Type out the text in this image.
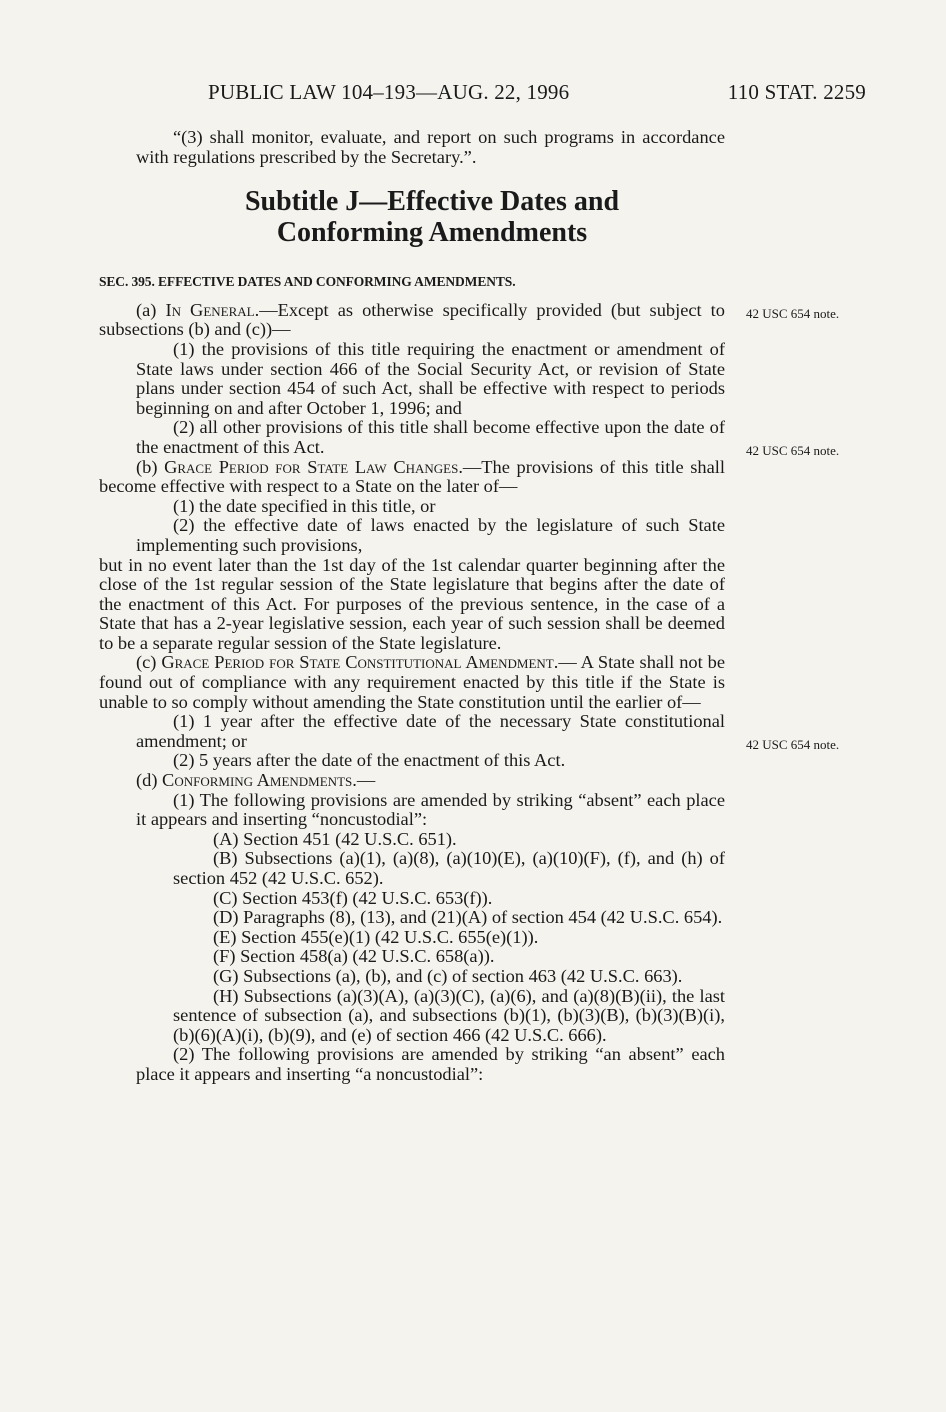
PUBLIC LAW 104–193—AUG. 22, 1996	110 STAT. 2259
42 USC 654 note.
42 USC 654 note.
42 USC 654 note.

“(3) shall monitor, evaluate, and report on such programs in accordance with regulations prescribed by the Secretary.”.

Subtitle J—Effective Dates and
Conforming Amendments
SEC. 395. EFFECTIVE DATES AND CONFORMING AMENDMENTS.

(a) In General.—Except as otherwise specifically provided (but subject to subsections (b) and (c))—

(1) the provisions of this title requiring the enactment or amendment of State laws under section 466 of the Social Security Act, or revision of State plans under section 454 of such Act, shall be effective with respect to periods beginning on and after October 1, 1996; and

(2) all other provisions of this title shall become effective upon the date of the enactment of this Act.

(b) Grace Period for State Law Changes.—The provisions of this title shall become effective with respect to a State on the later of—

(1) the date specified in this title, or

(2) the effective date of laws enacted by the legislature of such State implementing such provisions,

but in no event later than the 1st day of the 1st calendar quarter beginning after the close of the 1st regular session of the State legislature that begins after the date of the enactment of this Act. For purposes of the previous sentence, in the case of a State that has a 2-year legislative session, each year of such session shall be deemed to be a separate regular session of the State legislature.

(c) Grace Period for State Constitutional Amendment.— A State shall not be found out of compliance with any requirement enacted by this title if the State is unable to so comply without amending the State constitution until the earlier of—

(1) 1 year after the effective date of the necessary State constitutional amendment; or

(2) 5 years after the date of the enactment of this Act.

(d) Conforming Amendments.—

(1) The following provisions are amended by striking “absent” each place it appears and inserting “noncustodial”:

(A) Section 451 (42 U.S.C. 651).

(B) Subsections (a)(1), (a)(8), (a)(10)(E), (a)(10)(F), (f), and (h) of section 452 (42 U.S.C. 652).

(C) Section 453(f) (42 U.S.C. 653(f)).

(D) Paragraphs (8), (13), and (21)(A) of section 454 (42 U.S.C. 654).

(E) Section 455(e)(1) (42 U.S.C. 655(e)(1)).

(F) Section 458(a) (42 U.S.C. 658(a)).

(G) Subsections (a), (b), and (c) of section 463 (42 U.S.C. 663).

(H) Subsections (a)(3)(A), (a)(3)(C), (a)(6), and (a)(8)(B)(ii), the last sentence of subsection (a), and subsections (b)(1), (b)(3)(B), (b)(3)(B)(i), (b)(6)(A)(i), (b)(9), and (e) of section 466 (42 U.S.C. 666).

(2) The following provisions are amended by striking “an absent” each place it appears and inserting “a noncustodial”:
